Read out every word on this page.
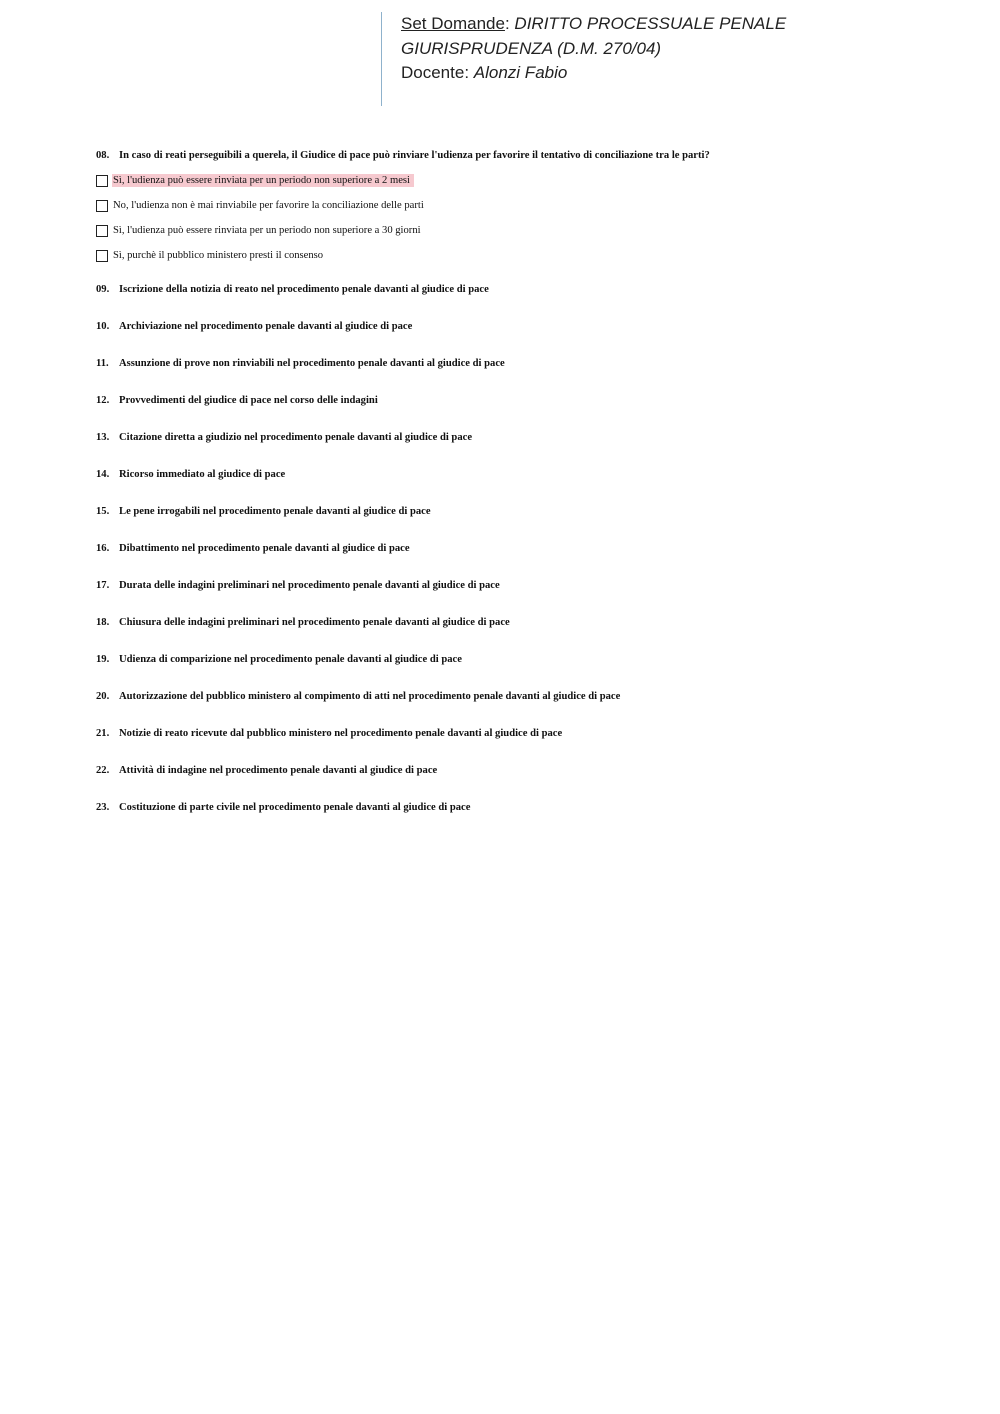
Set Domande: DIRITTO PROCESSUALE PENALE
GIURISPRUDENZA (D.M. 270/04)
Docente: Alonzi Fabio
08. In caso di reati perseguibili a querela, il Giudice di pace può rinviare l'udienza per favorire il tentativo di conciliazione tra le parti?
Sì, l'udienza può essere rinviata per un periodo non superiore a 2 mesi
No, l'udienza non è mai rinviabile per favorire la conciliazione delle parti
Sì, l'udienza può essere rinviata per un periodo non superiore a 30 giorni
Sì, purchè il pubblico ministero presti il consenso
09. Iscrizione della notizia di reato nel procedimento penale davanti al giudice di pace
10. Archiviazione nel procedimento penale davanti al giudice di pace
11. Assunzione di prove non rinviabili nel procedimento penale davanti al giudice di pace
12. Provvedimenti del giudice di pace nel corso delle indagini
13. Citazione diretta a giudizio nel procedimento penale davanti al giudice di pace
14. Ricorso immediato al giudice di pace
15. Le pene irrogabili nel procedimento penale davanti al giudice di pace
16. Dibattimento nel procedimento penale davanti al giudice di pace
17. Durata delle indagini preliminari nel procedimento penale davanti al giudice di pace
18. Chiusura delle indagini preliminari nel procedimento penale davanti al giudice di pace
19. Udienza di comparizione nel procedimento penale davanti al giudice di pace
20. Autorizzazione del pubblico ministero al compimento di atti nel procedimento penale davanti al giudice di pace
21. Notizie di reato ricevute dal pubblico ministero nel procedimento penale davanti al giudice di pace
22. Attività di indagine nel procedimento penale davanti al giudice di pace
23. Costituzione di parte civile nel procedimento penale davanti al giudice di pace
